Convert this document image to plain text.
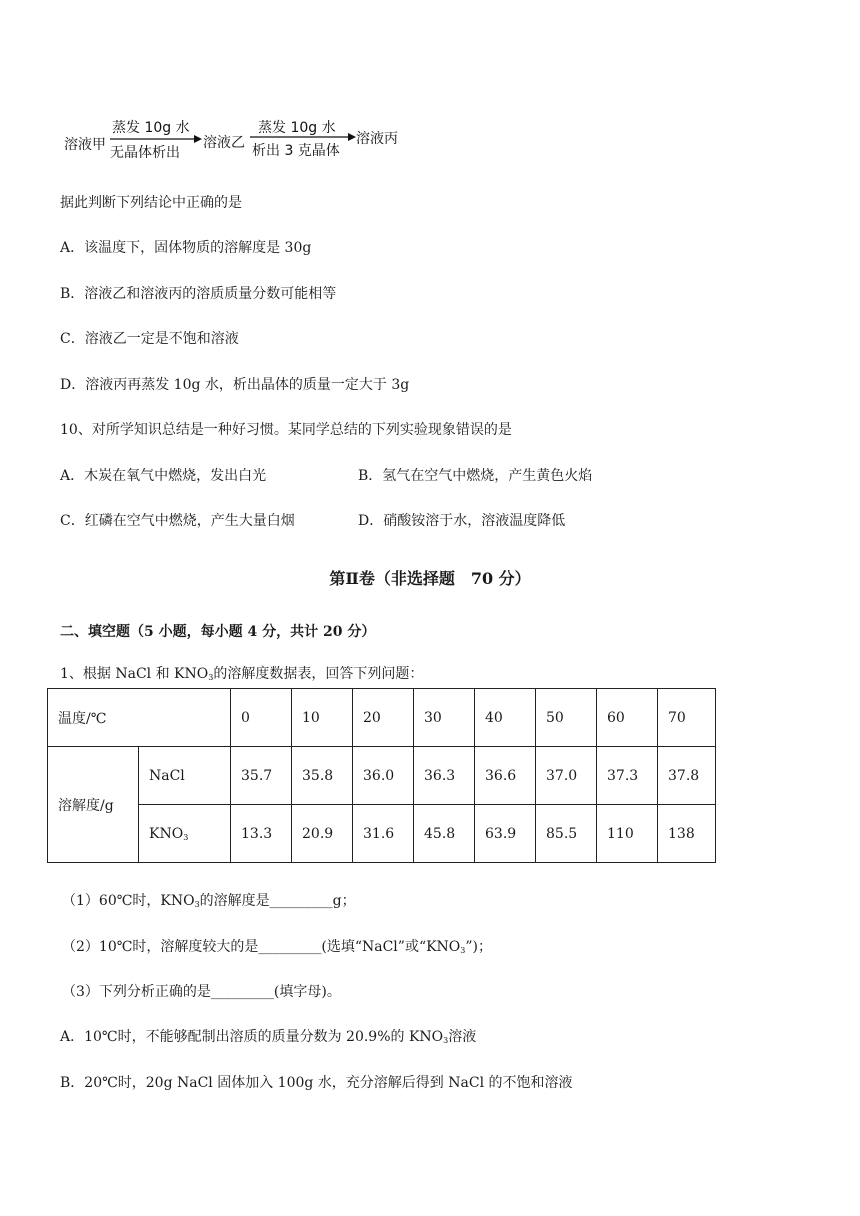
溶液甲
蒸发 10g 水
无晶体析出
溶液乙
蒸发 10g 水
析出 3 克晶体
溶液丙
据此判断下列结论中正确的是
A．该温度下，固体物质的溶解度是 30g
B．溶液乙和溶液丙的溶质质量分数可能相等
C．溶液乙一定是不饱和溶液
D．溶液丙再蒸发 10g 水，析出晶体的质量一定大于 3g
10、对所学知识总结是一种好习惯。某同学总结的下列实验现象错误的是
A．木炭在氧气中燃烧，发出白光	B．氢气在空气中燃烧，产生黄色火焰
C．红磷在空气中燃烧，产生大量白烟	D．硝酸铵溶于水，溶液温度降低
第Ⅱ卷（非选择题　70 分）
二、填空题（5 小题，每小题 4 分，共计 20 分）
1、根据 NaCl 和 $KNO_3$的溶解度数据表，回答下列问题：
温度/℃		0	10	20	30	40	50	60	70
溶解度/g	NaCl	35.7	35.8	36.0	36.3	36.6	37.0	37.3	37.8
	$KNO_3$	13.3	20.9	31.6	45.8	63.9	85.5	110	138
（1）60℃时，$KNO_3$的溶解度是_________g；
（2）10℃时，溶解度较大的是_________(选填“NaCl”或“$KNO_3$”)；
（3）下列分析正确的是_________(填字母)。
A．10℃时，不能够配制出溶质的质量分数为 20.9%的 $KNO_3$溶液
B．20℃时，20g NaCl 固体加入 100g 水，充分溶解后得到 NaCl 的不饱和溶液
